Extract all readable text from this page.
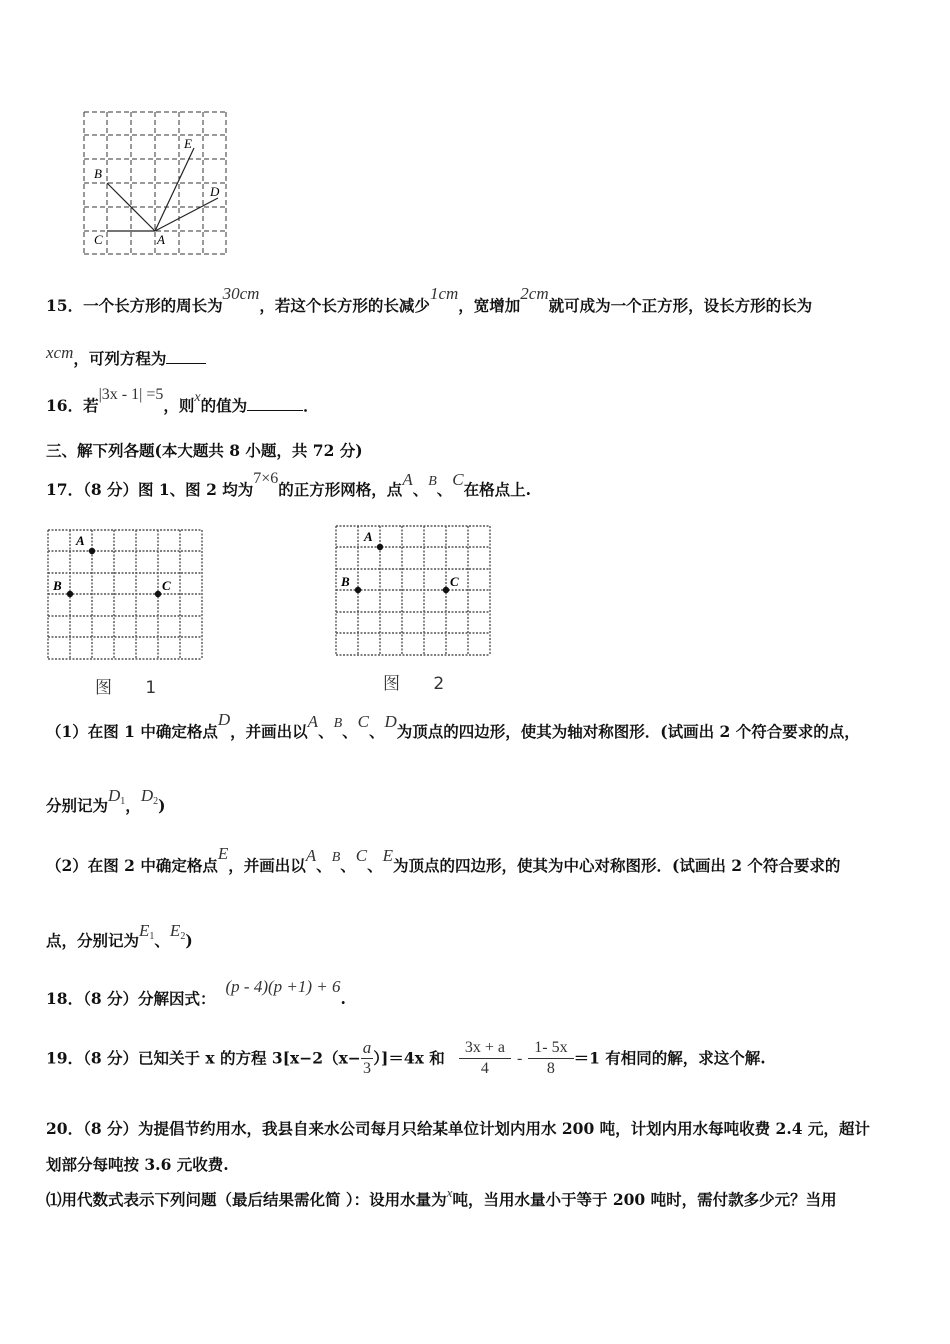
B
E
D
C	A
15．一个长方形的周长为30cm，若这个长方形的长减少1cm，宽增加2cm就可成为一个正方形，设长方形的长为
xcm，可列方程为
16．若|3x - 1| =5，则x的值为	．
三、解下列各题(本大题共 8 小题，共 72 分)
17．（8 分）图 1、图 2 均为7×6的正方形网格，点A、B、C在格点上.
A
B	C
图 1
A
B	C
图 2
（1）在图 1 中确定格点D，并画出以A、B、C、D为顶点的四边形，使其为轴对称图形．(试画出 2 个符合要求的点，
分别记为$D_1$，$D_2$)
（2）在图 2 中确定格点E，并画出以A、B、C、E为顶点的四边形，使其为中心对称图形．(试画出 2 个符合要求的
点，分别记为$E_1$、$E_2$)
18．（8 分）分解因式：(p - 4)(p +1) + 6.
19．（8 分）已知关于 x 的方程 $3[x-2(x- \frac{a}{3} )]=4x$ 和 $\frac{3x + a}{4} - \frac{1- 5x}{8} =1$ 有相同的解，求这个解.
20．（8 分）为提倡节约用水，我县自来水公司每月只给某单位计划内用水 200 吨，计划内用水每吨收费 2.4 元，超计
划部分每吨按 3.6 元收费.
⑴用代数式表示下列问题（最后结果需化简 ）：设用水量为$^x$吨，当用水量小于等于 200 吨时，需付款多少元？当用
